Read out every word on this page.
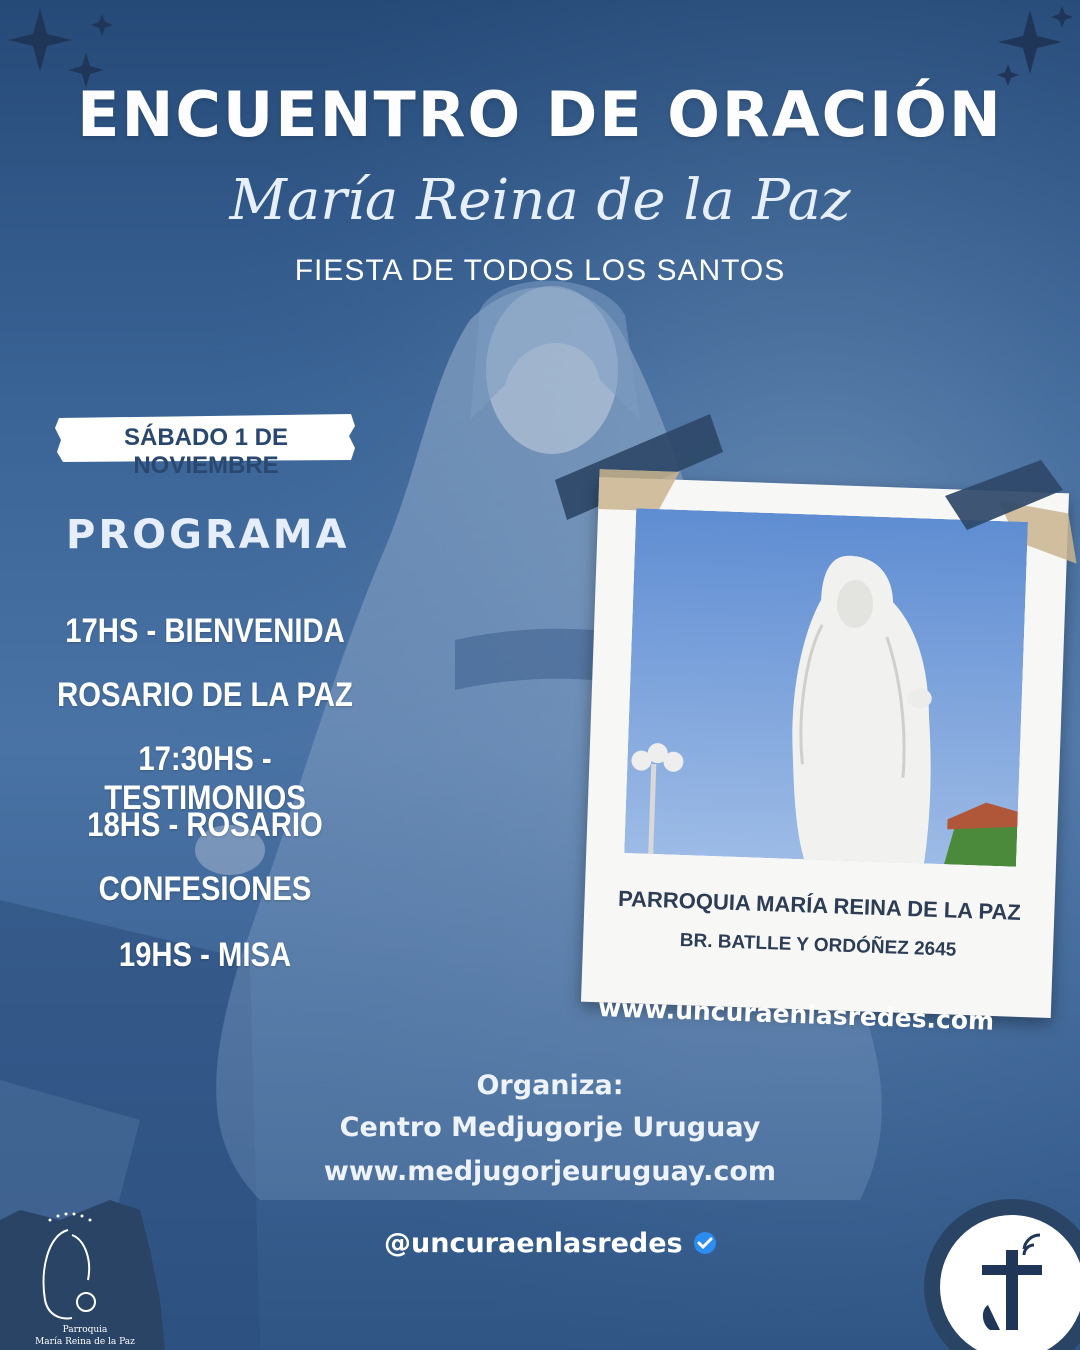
ENCUENTRO DE ORACIÓN
María Reina de la Paz
FIESTA DE TODOS LOS SANTOS
SÁBADO 1 DE NOVIEMBRE
PROGRAMA
17HS - BIENVENIDA
ROSARIO DE LA PAZ
17:30HS - TESTIMONIOS
18HS - ROSARIO
CONFESIONES
19HS - MISA
PARROQUIA MARÍA REINA DE LA PAZ
BR. BATLLE Y ORDÓÑEZ 2645
www.uncuraenlasredes.com
Organiza:
Centro Medjugorje Uruguay
www.medjugorjeuruguay.com
@uncuraenlasredes
Parroquia
María Reina de la Paz
